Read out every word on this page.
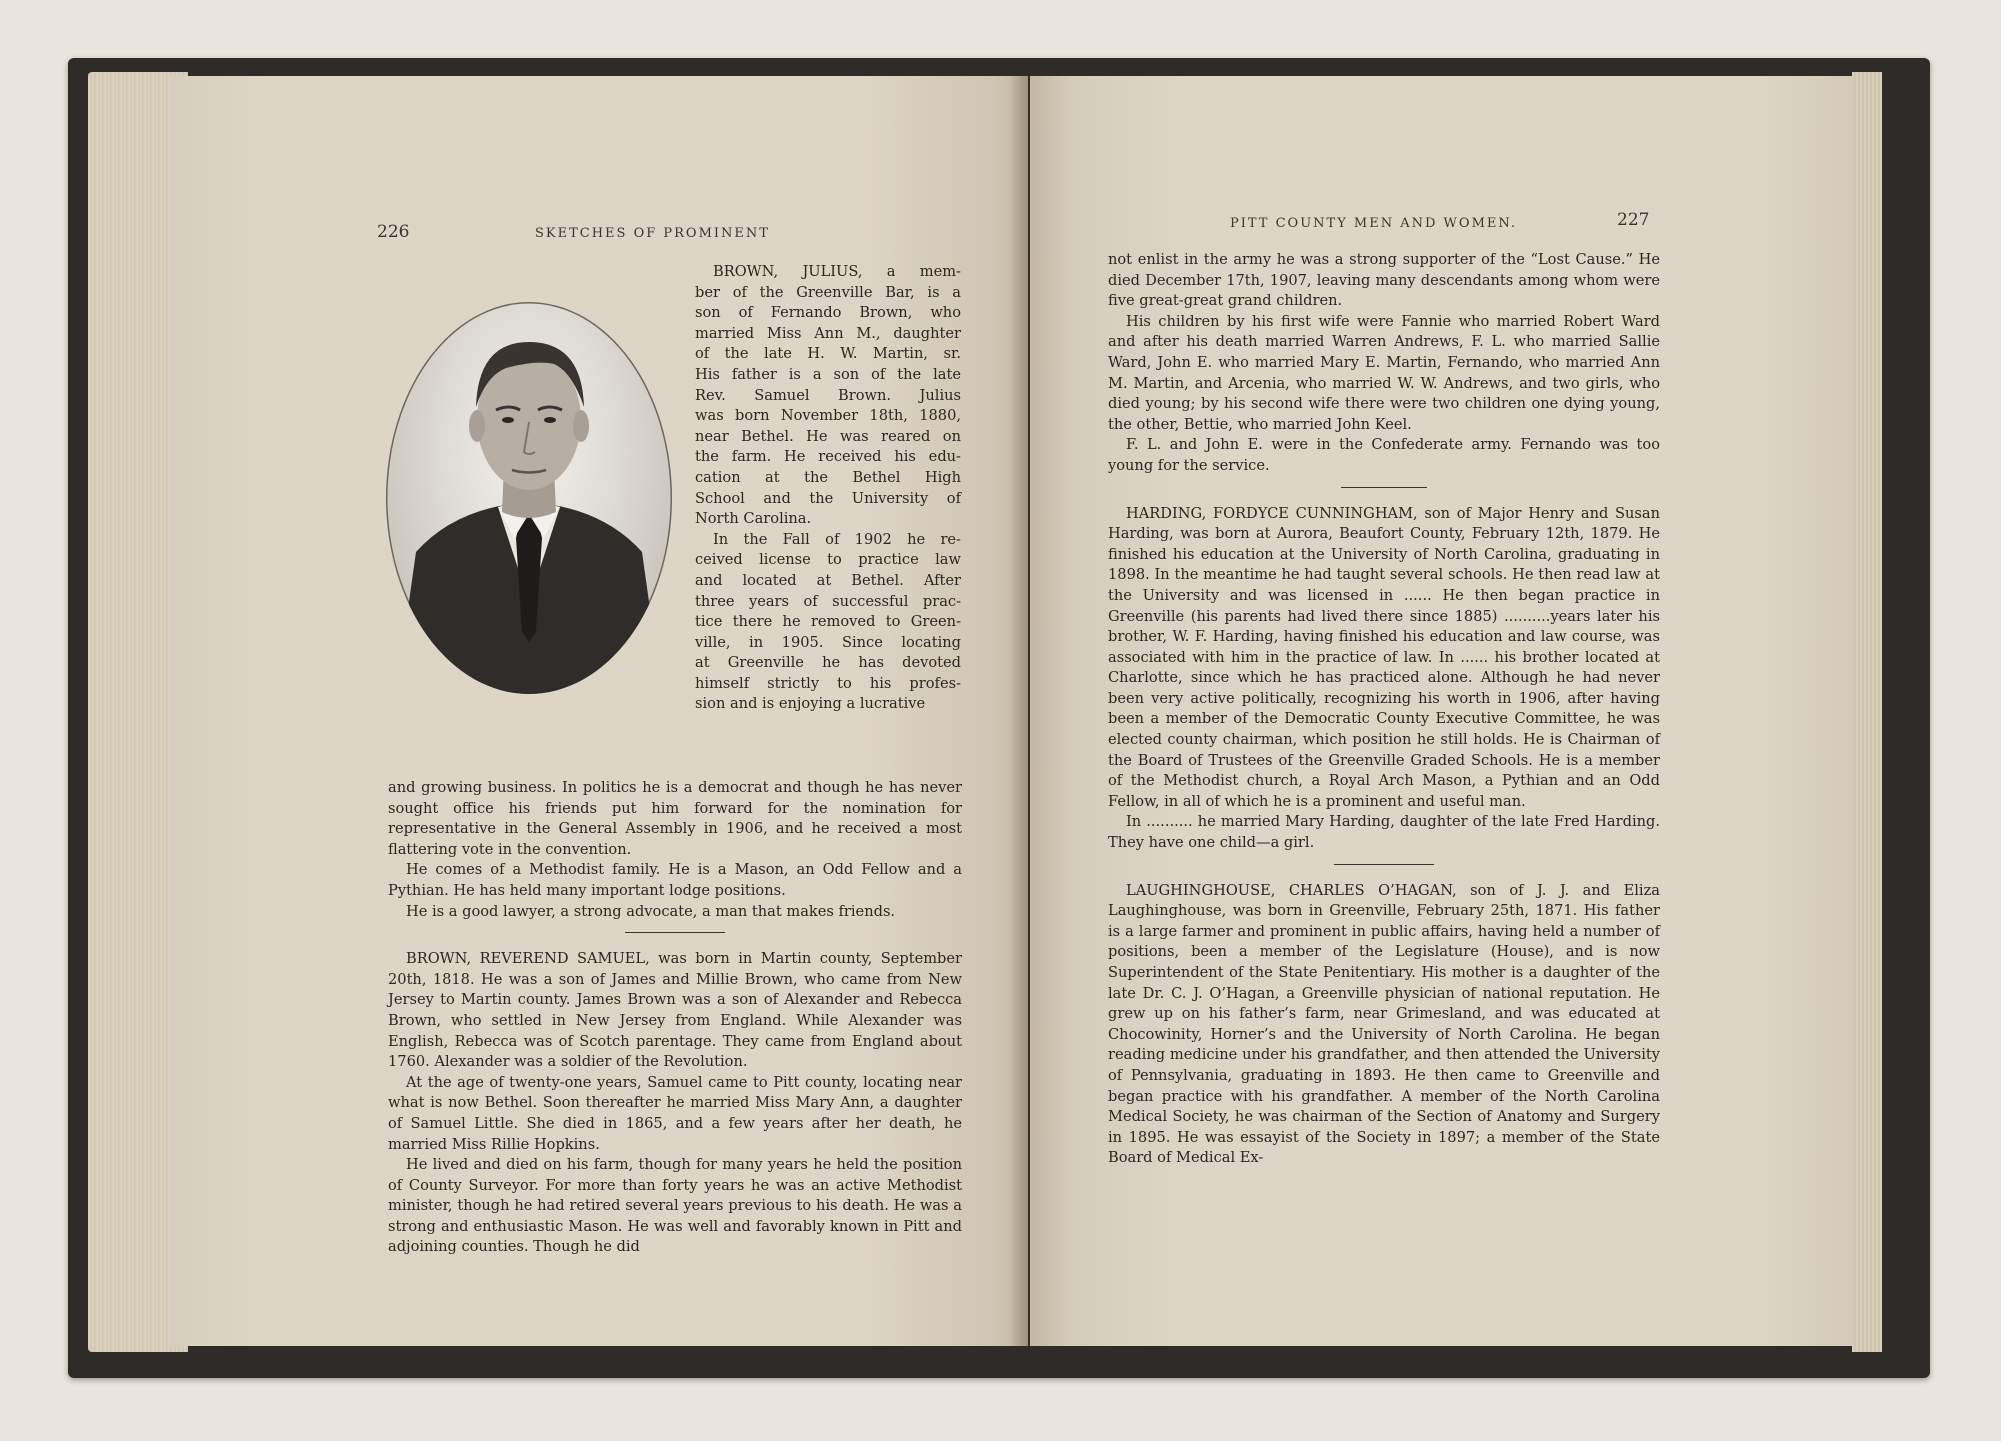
226	SKETCHES OF PROMINENT
BROWN, JULIUS, a mem-
ber of the Greenville Bar, is a
son of Fernando Brown, who
married Miss Ann M., daughter
of the late H. W. Martin, sr.
His father is a son of the late
Rev. Samuel Brown. Julius
was born November 18th, 1880,
near Bethel. He was reared on
the farm. He received his edu-
cation at the Bethel High
School and the University of
North Carolina.
In the Fall of 1902 he re-
ceived license to practice law
and located at Bethel. After
three years of successful prac-
tice there he removed to Green-
ville, in 1905. Since locating
at Greenville he has devoted
himself strictly to his profes-
sion and is enjoying a lucrative

and growing business. In politics he is a democrat and though he has never sought office his friends put him forward for the nomination for representative in the General Assembly in 1906, and he received a most flattering vote in the convention.

He comes of a Methodist family. He is a Mason, an Odd Fellow and a Pythian. He has held many important lodge positions.

He is a good lawyer, a strong advocate, a man that makes friends.

BROWN, REVEREND SAMUEL, was born in Martin county, September 20th, 1818. He was a son of James and Millie Brown, who came from New Jersey to Martin county. James Brown was a son of Alexander and Rebecca Brown, who settled in New Jersey from England. While Alexander was English, Rebecca was of Scotch parentage. They came from England about 1760. Alexander was a soldier of the Revolution.

At the age of twenty-one years, Samuel came to Pitt county, locating near what is now Bethel. Soon thereafter he married Miss Mary Ann, a daughter of Samuel Little. She died in 1865, and a few years after her death, he married Miss Rillie Hopkins.

He lived and died on his farm, though for many years he held the position of County Surveyor. For more than forty years he was an active Methodist minister, though he had retired several years previous to his death. He was a strong and enthusiastic Mason. He was well and favorably known in Pitt and adjoining counties. Though he did

PITT COUNTY MEN AND WOMEN.	227

not enlist in the army he was a strong supporter of the “Lost Cause.” He died December 17th, 1907, leaving many descendants among whom were five great-great grand children.

His children by his first wife were Fannie who married Robert Ward and after his death married Warren Andrews, F. L. who married Sallie Ward, John E. who married Mary E. Martin, Fernando, who married Ann M. Martin, and Arcenia, who married W. W. Andrews, and two girls, who died young; by his second wife there were two children one dying young, the other, Bettie, who married John Keel.

F. L. and John E. were in the Confederate army. Fernando was too young for the service.

HARDING, FORDYCE CUNNINGHAM, son of Major Henry and Susan Harding, was born at Aurora, Beaufort County, February 12th, 1879. He finished his education at the University of North Carolina, graduating in 1898. In the meantime he had taught several schools. He then read law at the University and was licensed in ...... He then began practice in Greenville (his parents had lived there since 1885) ..........years later his brother, W. F. Harding, having finished his education and law course, was associated with him in the practice of law. In ...... his brother located at Charlotte, since which he has practiced alone. Although he had never been very active politically, recognizing his worth in 1906, after having been a member of the Democratic County Executive Committee, he was elected county chairman, which position he still holds. He is Chairman of the Board of Trustees of the Greenville Graded Schools. He is a member of the Methodist church, a Royal Arch Mason, a Pythian and an Odd Fellow, in all of which he is a prominent and useful man.

In .......... he married Mary Harding, daughter of the late Fred Harding. They have one child—a girl.

LAUGHINGHOUSE, CHARLES O’HAGAN, son of J. J. and Eliza Laughinghouse, was born in Greenville, February 25th, 1871. His father is a large farmer and prominent in public affairs, having held a number of positions, been a member of the Legislature (House), and is now Superintendent of the State Penitentiary. His mother is a daughter of the late Dr. C. J. O’Hagan, a Greenville physician of national reputation. He grew up on his father’s farm, near Grimesland, and was educated at Chocowinity, Horner’s and the University of North Carolina. He began reading medicine under his grandfather, and then attended the University of Pennsylvania, graduating in 1893. He then came to Greenville and began practice with his grandfather. A member of the North Carolina Medical Society, he was chairman of the Section of Anatomy and Surgery in 1895. He was essayist of the Society in 1897; a member of the State Board of Medical Ex-
